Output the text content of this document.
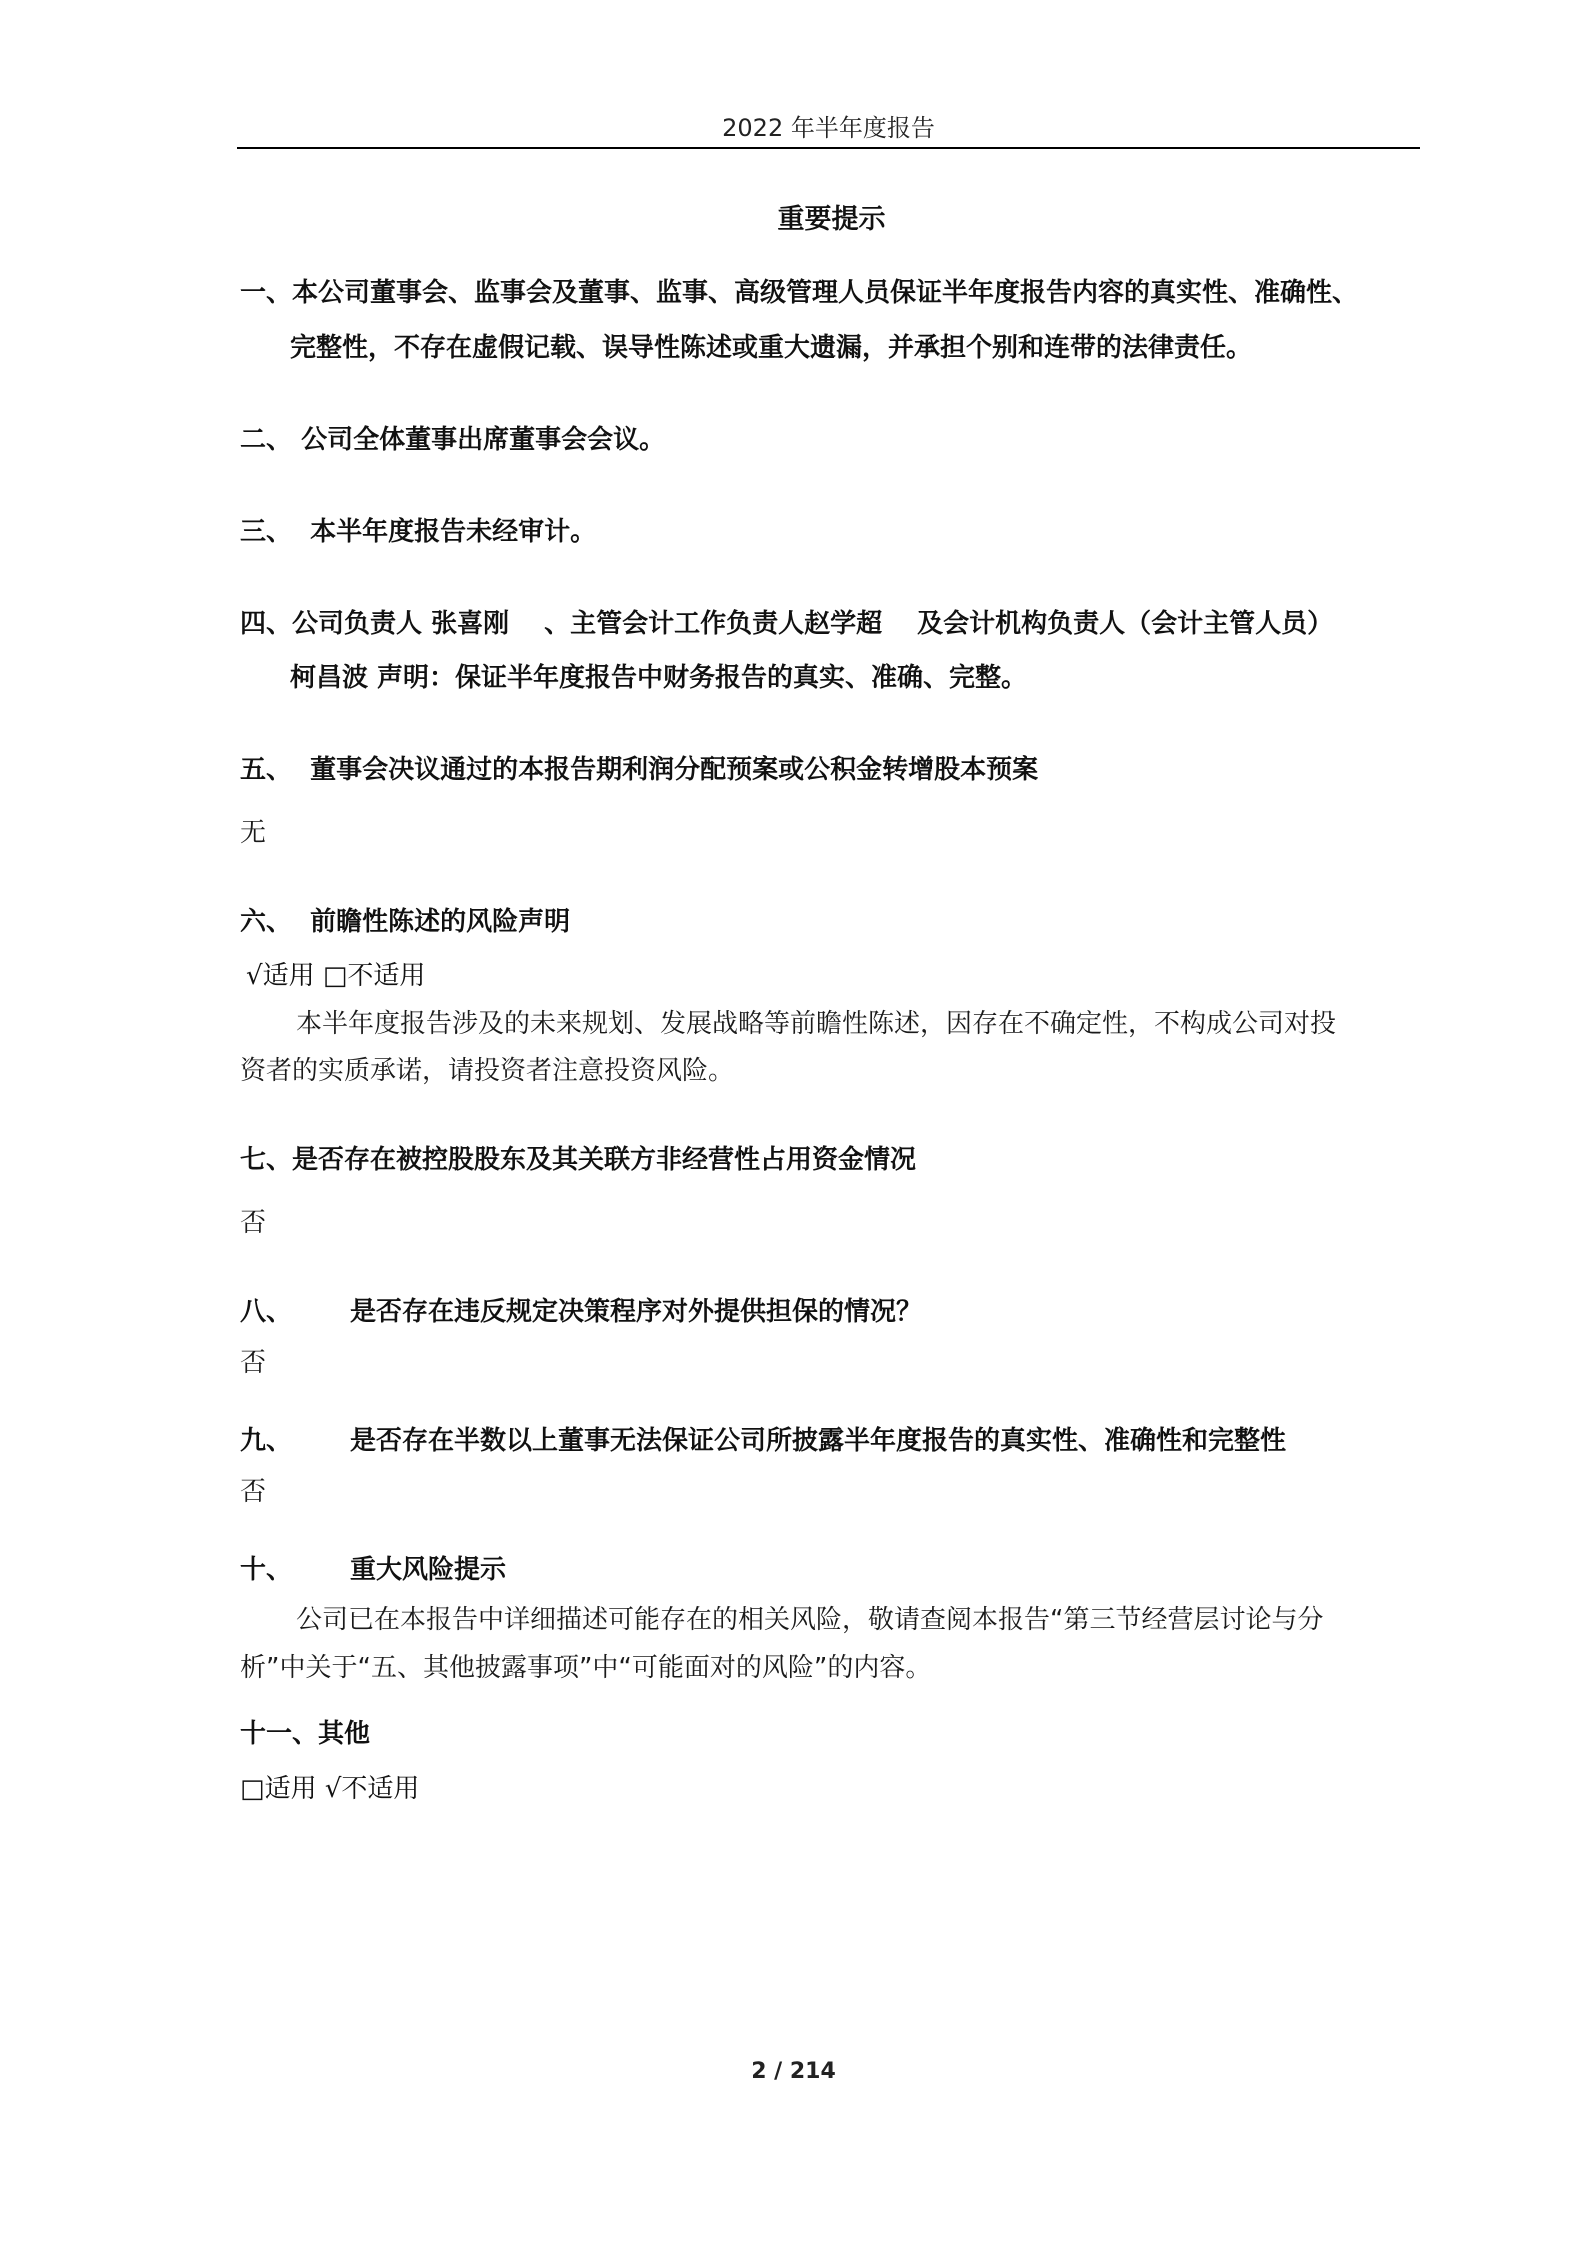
2022 年半年度报告
重要提示
一、本公司董事会、监事会及董事、监事、高级管理人员保证半年度报告内容的真实性、准确性、
完整性，不存在虚假记载、误导性陈述或重大遗漏，并承担个别和连带的法律责任。
二、 公司全体董事出席董事会会议。
三、 本半年度报告未经审计。
四、公司负责人 张喜刚　 、主管会计工作负责人赵学超　 及会计机构负责人（会计主管人员）
柯昌波 声明：保证半年度报告中财务报告的真实、准确、完整。
五、 董事会决议通过的本报告期利润分配预案或公积金转增股本预案
无
六、 前瞻性陈述的风险声明
√适用 □不适用
本半年度报告涉及的未来规划、发展战略等前瞻性陈述，因存在不确定性，不构成公司对投
资者的实质承诺，请投资者注意投资风险。
七、是否存在被控股股东及其关联方非经营性占用资金情况
否
八、 是否存在违反规定决策程序对外提供担保的情况？
否
九、 是否存在半数以上董事无法保证公司所披露半年度报告的真实性、准确性和完整性
否
十、 重大风险提示
公司已在本报告中详细描述可能存在的相关风险，敬请查阅本报告“第三节经营层讨论与分
析”中关于“五、其他披露事项”中“可能面对的风险”的内容。
十一、其他
□适用 √不适用
2 / 214
